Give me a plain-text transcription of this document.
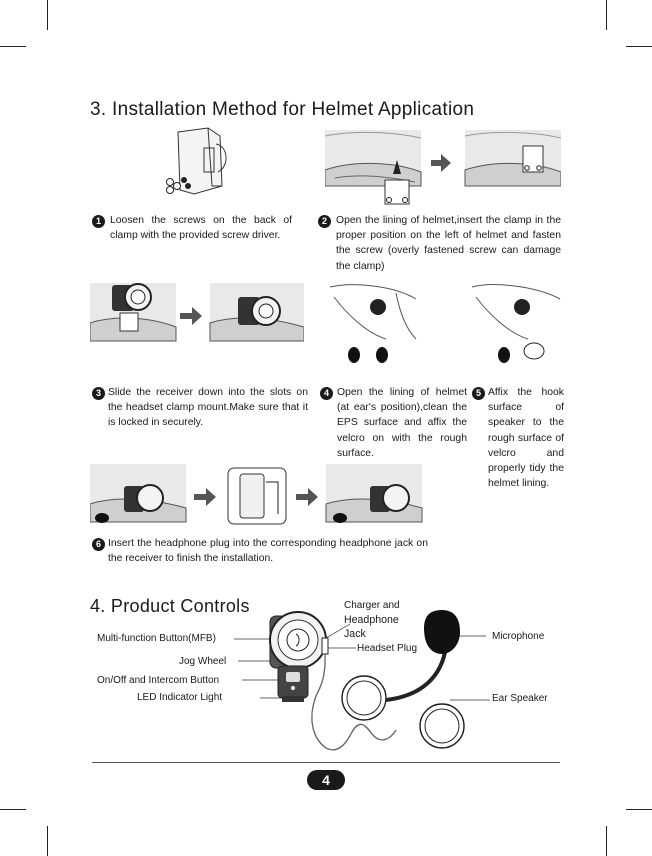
3. Installation Method for Helmet Application
1 Loosen the screws on the back of clamp with the provided screw driver.
2 Open the lining of helmet,insert the clamp in the proper position on the left of helmet and fasten the screw (overly fastened screw can damage the clamp)
3 Slide the receiver down into the slots on the headset clamp mount.Make sure that it is locked in securely.
4 Open the lining of helmet (at ear's position),clean the EPS surface and affix the velcro on with the rough surface.
5 Affix the hook surface of speaker to the rough surface of velcro and properly tidy the helmet lining.
6 Insert the headphone plug into the corresponding headphone jack on the receiver to finish the installation.
4. Product Controls
Multi-function Button(MFB)
Jog Wheel
On/Off and Intercom Button
LED Indicator Light
Charger and
Headphone
Jack
Headset Plug
Microphone
Ear Speaker
4
